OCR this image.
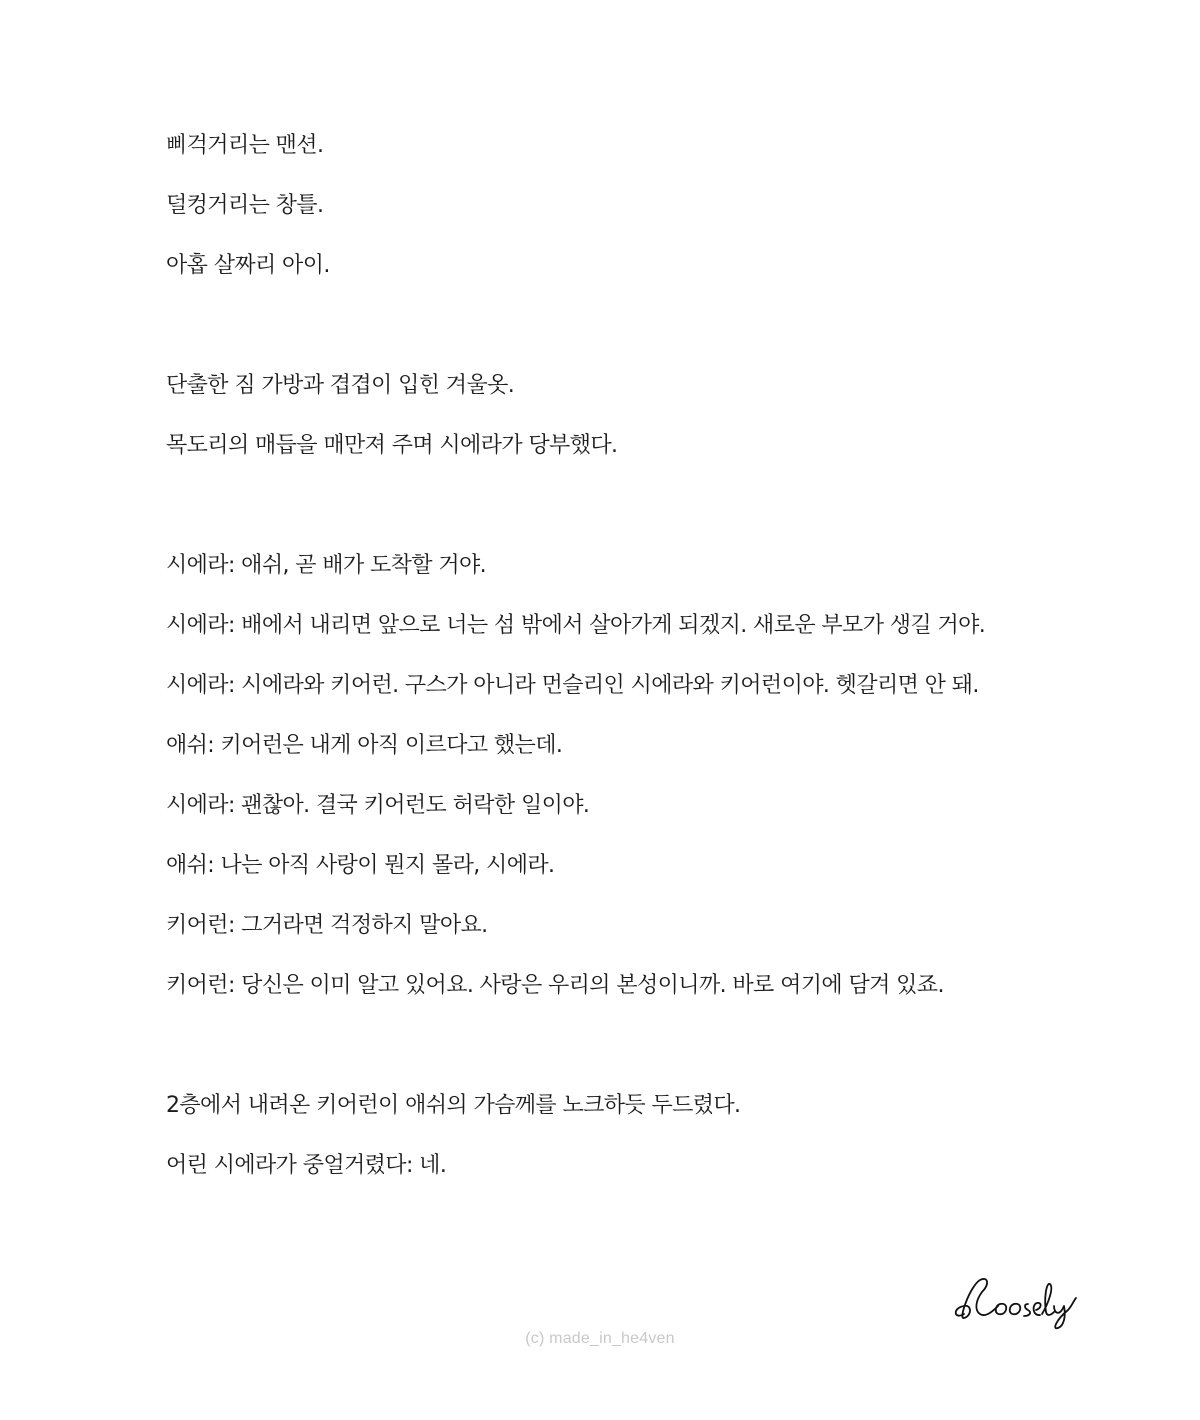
삐걱거리는 맨션.
덜컹거리는 창틀.
아홉 살짜리 아이.
단출한 짐 가방과 겹겹이 입힌 겨울옷.
목도리의 매듭을 매만져 주며 시에라가 당부했다.
시에라: 애쉬, 곧 배가 도착할 거야.
시에라: 배에서 내리면 앞으로 너는 섬 밖에서 살아가게 되겠지. 새로운 부모가 생길 거야.
시에라: 시에라와 키어런. 구스가 아니라 먼슬리인 시에라와 키어런이야. 헷갈리면 안 돼.
애쉬: 키어런은 내게 아직 이르다고 했는데.
시에라: 괜찮아. 결국 키어런도 허락한 일이야.
애쉬: 나는 아직 사랑이 뭔지 몰라, 시에라.
키어런: 그거라면 걱정하지 말아요.
키어런: 당신은 이미 알고 있어요. 사랑은 우리의 본성이니까. 바로 여기에 담겨 있죠.
2층에서 내려온 키어런이 애쉬의 가슴께를 노크하듯 두드렸다.
어린 시에라가 중얼거렸다: 네.
(c) made_in_he4ven
